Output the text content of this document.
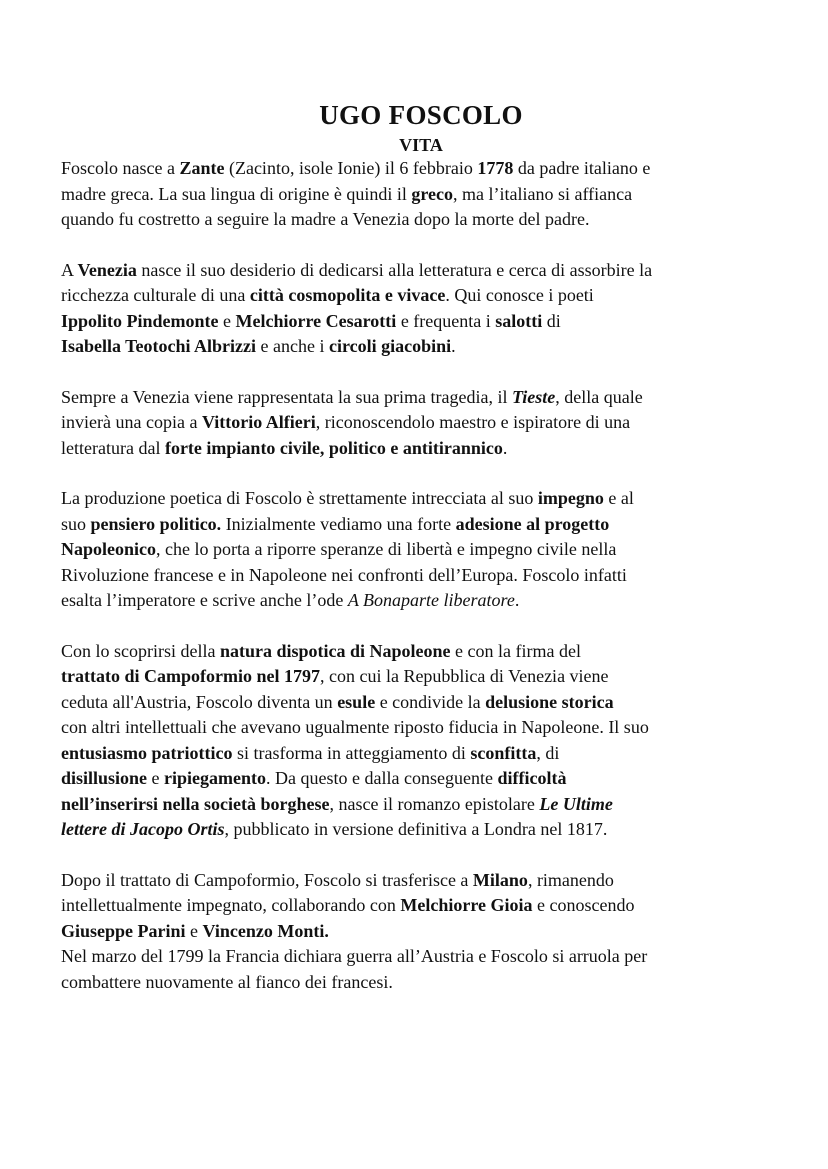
UGO FOSCOLO
VITA

Foscolo nasce a Zante (Zacinto, isole Ionie) il 6 febbraio 1778 da padre italiano e
madre greca. La sua lingua di origine è quindi il greco, ma l’italiano si affianca
quando fu costretto a seguire la madre a Venezia dopo la morte del padre.

A Venezia nasce il suo desiderio di dedicarsi alla letteratura e cerca di assorbire la
ricchezza culturale di una città cosmopolita e vivace. Qui conosce i poeti
Ippolito Pindemonte e Melchiorre Cesarotti e frequenta i salotti di
Isabella Teotochi Albrizzi e anche i circoli giacobini.

Sempre a Venezia viene rappresentata la sua prima tragedia, il Tieste, della quale
invierà una copia a Vittorio Alfieri, riconoscendolo maestro e ispiratore di una
letteratura dal forte impianto civile, politico e antitirannico.

La produzione poetica di Foscolo è strettamente intrecciata al suo impegno e al
suo pensiero politico. Inizialmente vediamo una forte adesione al progetto
Napoleonico, che lo porta a riporre speranze di libertà e impegno civile nella
Rivoluzione francese e in Napoleone nei confronti dell’Europa. Foscolo infatti
esalta l’imperatore e scrive anche l’ode A Bonaparte liberatore.

Con lo scoprirsi della natura dispotica di Napoleone e con la firma del
trattato di Campoformio nel 1797, con cui la Repubblica di Venezia viene
ceduta all'Austria, Foscolo diventa un esule e condivide la delusione storica
con altri intellettuali che avevano ugualmente riposto fiducia in Napoleone. Il suo
entusiasmo patriottico si trasforma in atteggiamento di sconfitta, di
disillusione e ripiegamento. Da questo e dalla conseguente difficoltà
nell’inserirsi nella società borghese, nasce il romanzo epistolare Le Ultime
lettere di Jacopo Ortis, pubblicato in versione definitiva a Londra nel 1817.

Dopo il trattato di Campoformio, Foscolo si trasferisce a Milano, rimanendo
intellettualmente impegnato, collaborando con Melchiorre Gioia e conoscendo
Giuseppe Parini e Vincenzo Monti.
Nel marzo del 1799 la Francia dichiara guerra all’Austria e Foscolo si arruola per
combattere nuovamente al fianco dei francesi.
